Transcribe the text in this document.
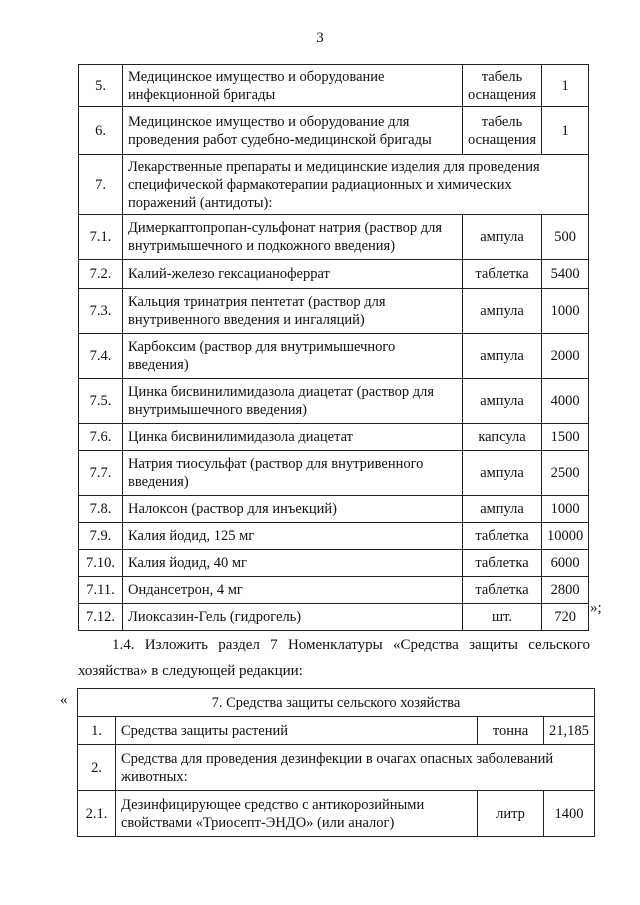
3
5.	Медицинское имущество и оборудование инфекционной бригады	табель оснащения	1
6.	Медицинское имущество и оборудование для проведения работ судебно-медицинской бригады	табель оснащения	1
7.	Лекарственные препараты и медицинские изделия для проведения специфической фармакотерапии радиационных и химических поражений (антидоты):		
7.1.	Димеркаптопропан-сульфонат натрия (раствор для внутримышечного и подкожного введения)	ампула	500
7.2.	Калий-железо гексацианоферрат	таблетка	5400
7.3.	Кальция тринатрия пентетат (раствор для внутривенного введения и ингаляций)	ампула	1000
7.4.	Карбоксим (раствор для внутримышечного введения)	ампула	2000
7.5.	Цинка бисвинилимидазола диацетат (раствор для внутримышечного введения)	ампула	4000
7.6.	Цинка бисвинилимидазола диацетат	капсула	1500
7.7.	Натрия тиосульфат (раствор для внутривенного введения)	ампула	2500
7.8.	Налоксон (раствор для инъекций)	ампула	1000
7.9.	Калия йодид, 125 мг	таблетка	10000
7.10.	Калия йодид, 40 мг	таблетка	6000
7.11.	Ондансетрон, 4 мг	таблетка	2800
7.12.	Лиоксазин-Гель (гидрогель)	шт.	720
»;
1.4. Изложить раздел 7 Номенклатуры «Средства защиты сельского
хозяйства» в следующей редакции:
«	7. Средства защиты сельского хозяйства			
1.	Средства защиты растений	тонна	21,185
2.	Средства для проведения дезинфекции в очагах опасных заболеваний животных:		
2.1.	Дезинфицирующее средство с антикорозийными свойствами «Триосепт-ЭНДО» (или аналог)	литр	1400
